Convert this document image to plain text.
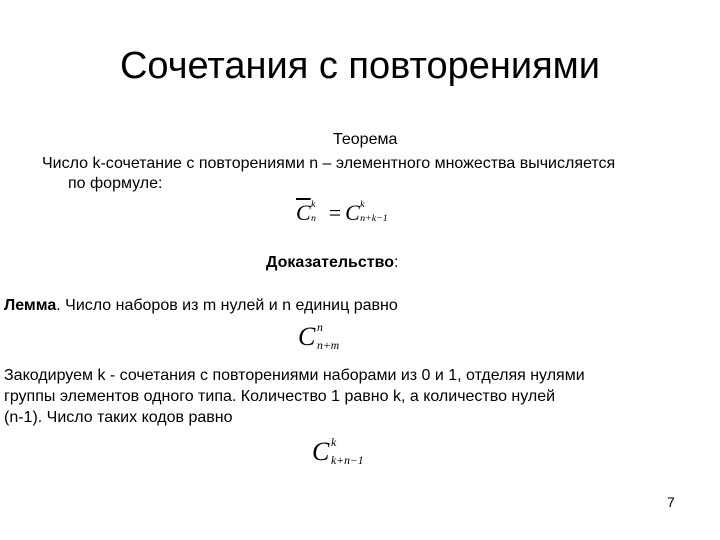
Сочетания с повторениями
Теорема
Число k-сочетание с повторениями n – элементного множества вычисляется
по формуле:
$\overline{C}$ k
n = C k
n+k−1
Доказательство:
Лемма. Число наборов из m нулей и n единиц равно
C n
n+m
Закодируем k - сочетания с повторениями наборами из 0 и 1, отделяя нулями
группы элементов одного типа. Количество 1 равно k, а количество нулей
(n-1). Число таких кодов равно
C k
k+n−1
7
